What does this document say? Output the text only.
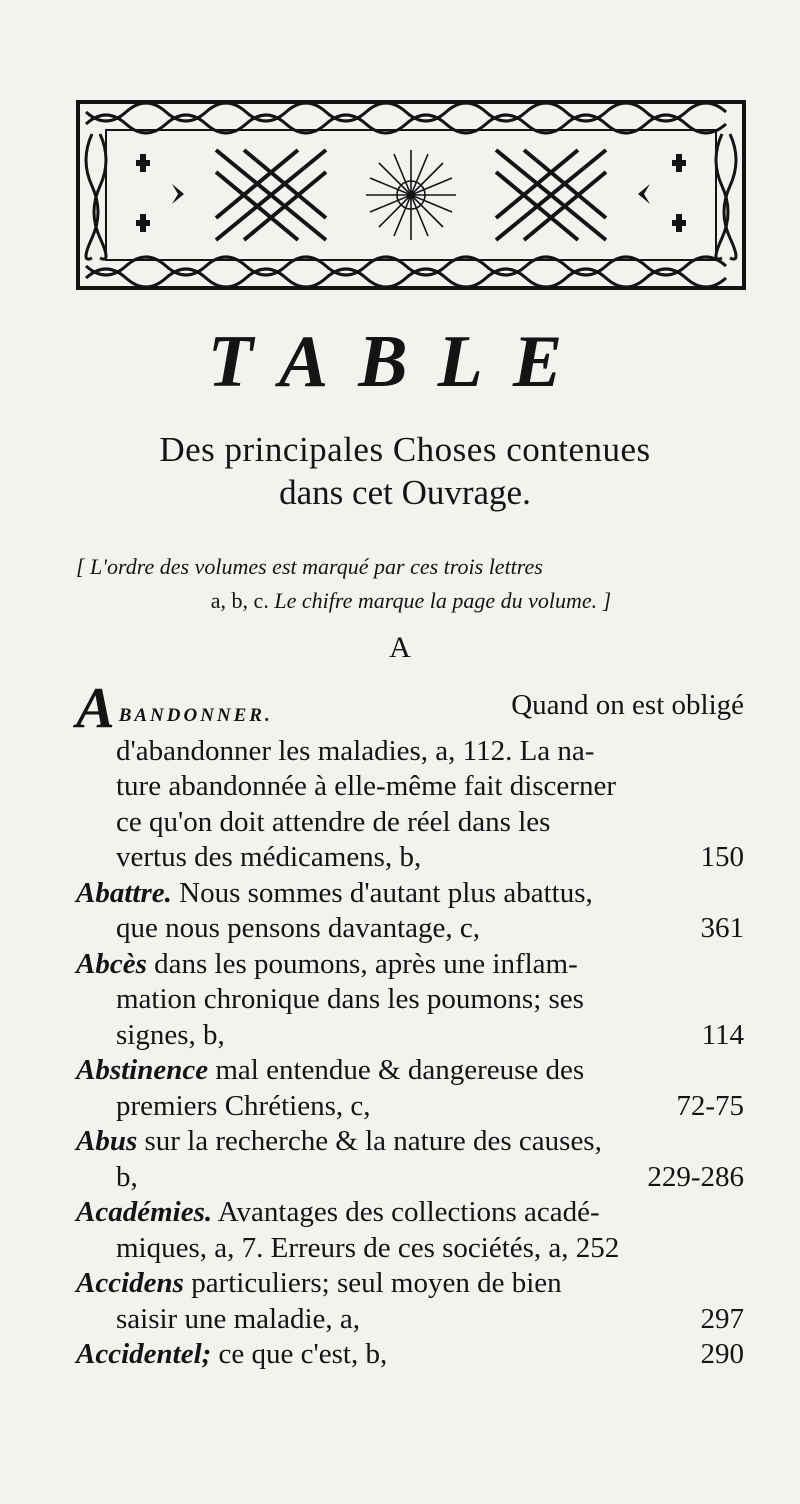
TABLE
Des principales Choses contenues
dans cet Ouvrage.
[ L'ordre des volumes est marqué par ces trois lettres
a, b, c. Le chifre marque la page du volume. ]
A
ABANDONNER.	Quand on est obligé
d'abandonner les maladies, a, 112. La na-
ture abandonnée à elle-même fait discerner
ce qu'on doit attendre de réel dans les
vertus des médicamens, b,	150
Abattre. Nous sommes d'autant plus abattus,
que nous pensons davantage, c,	361
Abcès dans les poumons, après une inflam-
mation chronique dans les poumons; ses
signes, b,	114
Abstinence mal entendue & dangereuse des
premiers Chrétiens, c,	72-75
Abus sur la recherche & la nature des causes,
b,	229-286
Académies. Avantages des collections acadé-
miques, a, 7. Erreurs de ces sociétés, a, 252
Accidens particuliers; seul moyen de bien
saisir une maladie, a,	297
Accidentel; ce que c'est, b,	290
